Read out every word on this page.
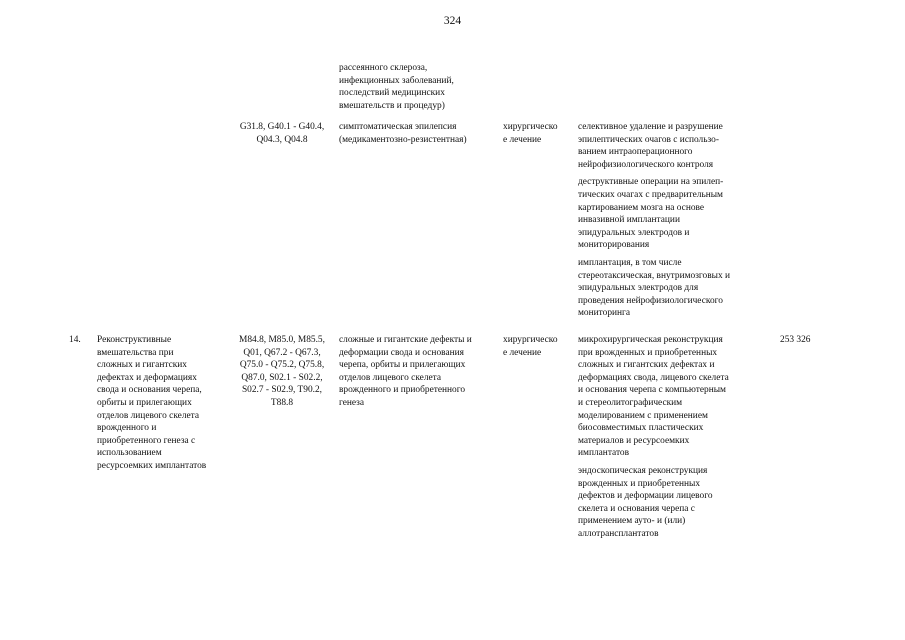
324
рассеянного склероза,
инфекционных заболеваний,
последствий медицинских
вмешательств и процедур)
G31.8, G40.1 - G40.4,
Q04.3, Q04.8
симптоматическая эпилепсия
(медикаментозно-резистентная)
хирургическо
е лечение
селективное удаление и разрушение
эпилептических очагов с использо-
ванием интраоперационного
нейрофизиологического контроля
деструктивные операции на эпилеп-
тических очагах с предварительным
картированием мозга на основе
инвазивной имплантации
эпидуральных электродов и
мониторирования
имплантация, в том числе
стереотаксическая, внутримозговых и
эпидуральных электродов для
проведения нейрофизиологического
мониторинга
14.	Реконструктивные
вмешательства при
сложных и гигантских
дефектах и деформациях
свода и основания черепа,
орбиты и прилегающих
отделов лицевого скелета
врожденного и
приобретенного генеза с
использованием
ресурсоемких имплантатов
M84.8, M85.0, M85.5,
Q01, Q67.2 - Q67.3,
Q75.0 - Q75.2, Q75.8,
Q87.0, S02.1 - S02.2,
S02.7 - S02.9, T90.2,
T88.8
сложные и гигантские дефекты и
деформации свода и основания
черепа, орбиты и прилегающих
отделов лицевого скелета
врожденного и приобретенного
генеза
хирургическо
е лечение
микрохирургическая реконструкция
при врожденных и приобретенных
сложных и гигантских дефектах и
деформациях свода, лицевого скелета
и основания черепа с компьютерным
и стереолитографическим
моделированием с применением
биосовместимых пластических
материалов и ресурсоемких
имплантатов
эндоскопическая реконструкция
врожденных и приобретенных
дефектов и деформации лицевого
скелета и основания черепа с
применением ауто- и (или)
аллотрансплантатов
253 326
